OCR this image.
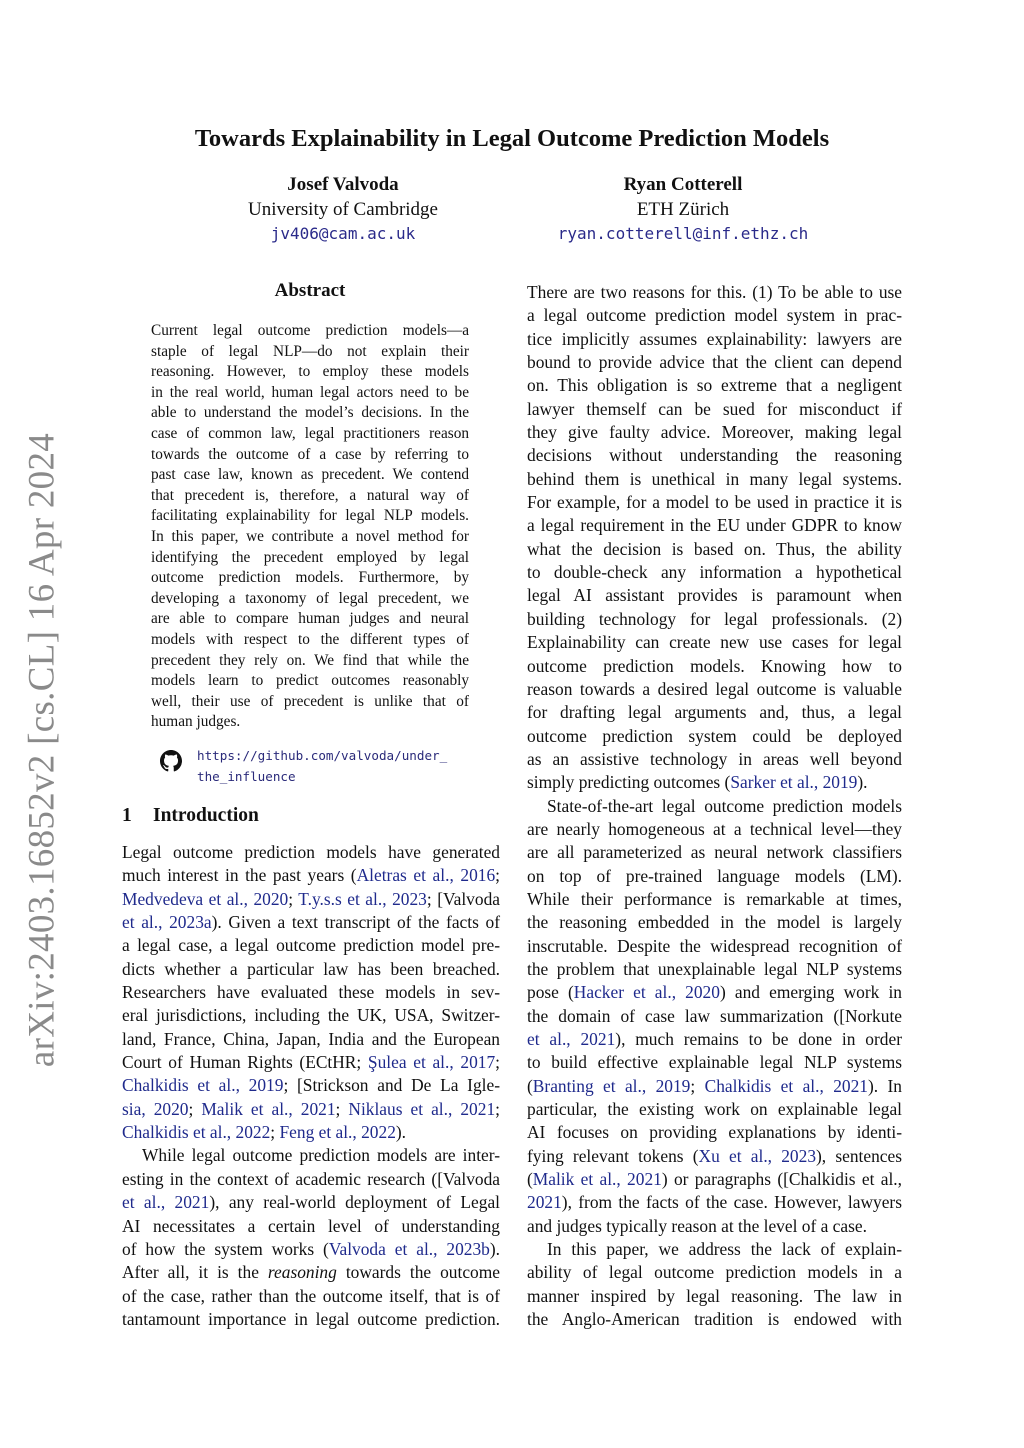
arXiv:2403.16852v2 [cs.CL] 16 Apr 2024
Towards Explainability in Legal Outcome Prediction Models
Josef Valvoda
University of Cambridge
jv406@cam.ac.uk
Ryan Cotterell
ETH Zürich
ryan.cotterell@inf.ethz.ch
Abstract
Current legal outcome prediction models—a
staple of legal NLP—do not explain their
reasoning. However, to employ these models
in the real world, human legal actors need to be
able to understand the model’s decisions. In the
case of common law, legal practitioners reason
towards the outcome of a case by referring to
past case law, known as precedent. We contend
that precedent is, therefore, a natural way of
facilitating explainability for legal NLP models.
In this paper, we contribute a novel method for
identifying the precedent employed by legal
outcome prediction models. Furthermore, by
developing a taxonomy of legal precedent, we
are able to compare human judges and neural
models with respect to the different types of
precedent they rely on. We find that while the
models learn to predict outcomes reasonably
well, their use of precedent is unlike that of
human judges.
https://github.com/valvoda/under_
the_influence
1 Introduction
Legal outcome prediction models have generated
much interest in the past years (Aletras et al., 2016;
Medvedeva et al., 2020; T.y.s.s et al., 2023; [Valvoda
et al., 2023a). Given a text transcript of the facts of
a legal case, a legal outcome prediction model pre-
dicts whether a particular law has been breached.
Researchers have evaluated these models in sev-
eral jurisdictions, including the UK, USA, Switzer-
land, France, China, Japan, India and the European
Court of Human Rights (ECtHR; Şulea et al., 2017;
Chalkidis et al., 2019; [Strickson and De La Igle-
sia, 2020; Malik et al., 2021; Niklaus et al., 2021;
Chalkidis et al., 2022; Feng et al., 2022).
While legal outcome prediction models are inter-
esting in the context of academic research ([Valvoda
et al., 2021), any real-world deployment of Legal
AI necessitates a certain level of understanding
of how the system works (Valvoda et al., 2023b).
After all, it is the reasoning towards the outcome
of the case, rather than the outcome itself, that is of
tantamount importance in legal outcome prediction.
There are two reasons for this. (1) To be able to use
a legal outcome prediction model system in prac-
tice implicitly assumes explainability: lawyers are
bound to provide advice that the client can depend
on. This obligation is so extreme that a negligent
lawyer themself can be sued for misconduct if
they give faulty advice. Moreover, making legal
decisions without understanding the reasoning
behind them is unethical in many legal systems.
For example, for a model to be used in practice it is
a legal requirement in the EU under GDPR to know
what the decision is based on. Thus, the ability
to double-check any information a hypothetical
legal AI assistant provides is paramount when
building technology for legal professionals. (2)
Explainability can create new use cases for legal
outcome prediction models. Knowing how to
reason towards a desired legal outcome is valuable
for drafting legal arguments and, thus, a legal
outcome prediction system could be deployed
as an assistive technology in areas well beyond
simply predicting outcomes (Sarker et al., 2019).
State-of-the-art legal outcome prediction models
are nearly homogeneous at a technical level—they
are all parameterized as neural network classifiers
on top of pre-trained language models (LM).
While their performance is remarkable at times,
the reasoning embedded in the model is largely
inscrutable. Despite the widespread recognition of
the problem that unexplainable legal NLP systems
pose (Hacker et al., 2020) and emerging work in
the domain of case law summarization ([Norkute
et al., 2021), much remains to be done in order
to build effective explainable legal NLP systems
(Branting et al., 2019; Chalkidis et al., 2021). In
particular, the existing work on explainable legal
AI focuses on providing explanations by identi-
fying relevant tokens (Xu et al., 2023), sentences
(Malik et al., 2021) or paragraphs ([Chalkidis et al.,
2021), from the facts of the case. However, lawyers
and judges typically reason at the level of a case.
In this paper, we address the lack of explain-
ability of legal outcome prediction models in a
manner inspired by legal reasoning. The law in
the Anglo-American tradition is endowed with
